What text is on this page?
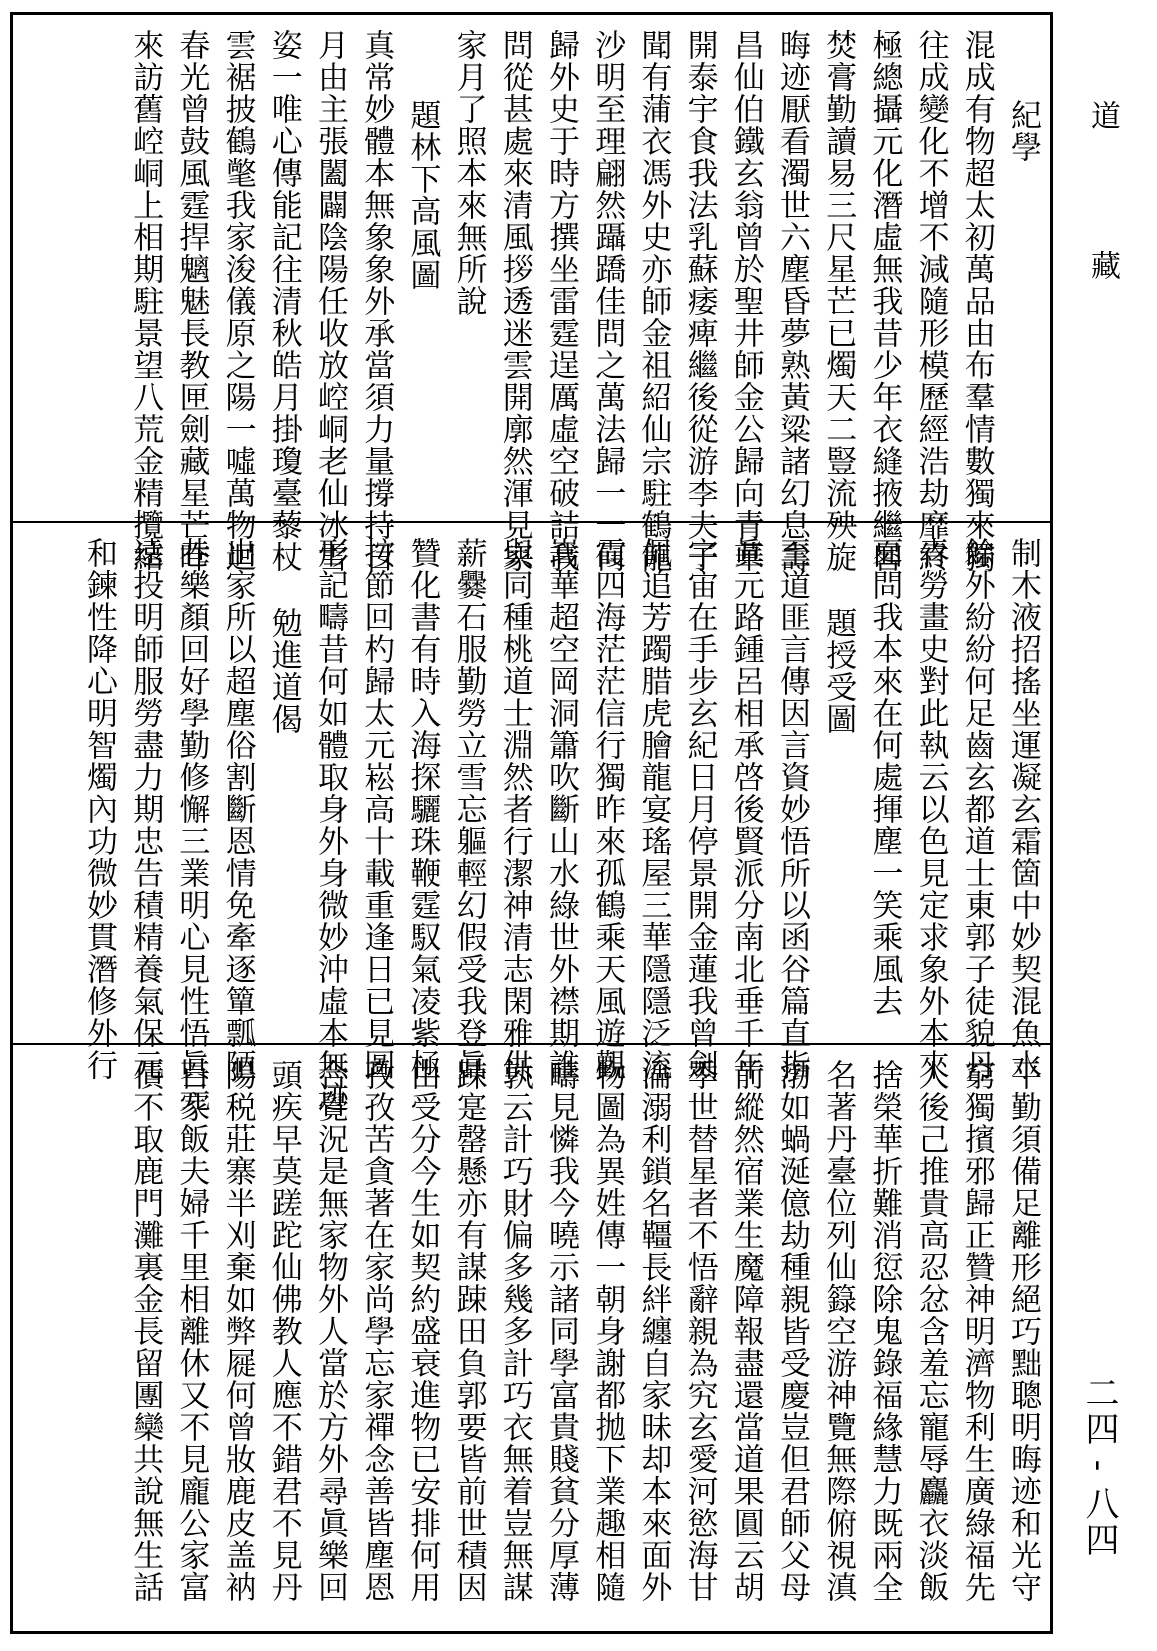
道
藏
二四 - 八四
紀學
混成有物超太初萬品由布羣情數獨來獨
往成變化不增不減隨形模歷經浩劫靡終
極總攝元化潛虛無我昔少年衣縫掖繼晷
焚膏勤讀易三尺星芒已燭天二豎流殃旋
晦迹厭看濁世六塵昏夢熟黃粱諸幻息壽
昌仙伯鐵玄翁曾於聖井師金公歸向青華
開泰宇食我法乳蘇痿痺繼後從游李夫子
聞有蒲衣馮外史亦師金祖紹仙宗駐鶴龍
沙明至理翩然躡蹻佳問之萬法歸一一何
歸外史于時方撰坐雷霆逞厲虛空破詰我
問從甚處來清風拶透迷雲開廓然渾見家
家月了照本來無所說
題林下高風圖
真常妙體本無象象外承當須力量撐持日
月由主張闔闢陰陽任收放崆峒老仙冰雪
姿一唯心傳能記往清秋皓月掛瓊臺藜杖
雲裾披鶴氅我家浚儀原之陽一噓萬物迴
春光曾鼓風霆捍魑魅長教匣劍藏星芒昨
來訪舊崆峒上相期駐景望八荒金精攬結
制木液招搖坐運凝玄霜箇中妙契混魚水
餘外紛紛何足齒玄都道士東郭子徒貌丹
青勞畫史對此執云以色見定求象外本來
面問我本來在何處揮塵一笑乘風去
題授受圖
至道匪言傳因言資妙悟所以函谷篇直指
眞元路鍾呂相承啓後賢派分南北垂千年
宇宙在手步玄紀日月停景開金蓮我曾劍
佩追芳躅腊虎膾龍宴瑤屋三華隱隱泛流
霞四海茫茫信行獨昨來孤鶴乘天風遊觀
嵩華超空岡洞簫吹斷山水綠世外襟期誰
與同種桃道士淵然者行潔神清志閑雅供
薪爨石服勤勞立雪忘軀輕幻假受我登眞
贊化書有時入海探驪珠鞭霆馭氣凌紫極
按節回杓歸太元崧高十載重逢日已見圖
形記疇昔何如體取身外身微妙沖虛本無迹
勉進道偈
出家所以超塵俗割斷恩情免牽逐簞瓢陋
巷樂顏回好學勤修懈三業明心見性悟眞元
遠投明師服勞盡力期忠告積精養氣保元
和鍊性降心明智燭內功微妙貫潛修外行
平勤須備足離形絕巧黜聰明晦迹和光守
窮獨擯邪歸正贊神明濟物利生廣綠福先
人後己推貴高忍忿含羞忘寵辱麤衣淡飯
捨榮華折難消愆除鬼錄福緣慧力既兩全
名著丹臺位列仙籙空游神覽無際俯視滇
渤如蝸涎億劫種親皆受慶豈但君師父母
前縱然宿業生魔障報盡還當道果圓云胡
季世替星者不悟辭親為究玄愛河慾海甘
淪溺利鎖名韁長絆纏自家昧却本來面外
物圖為異姓傳一朝身謝都拋下業趣相隨
疇見憐我今曉示諸同學富貴賤貧分厚薄
孰云計巧財偏多幾多計巧衣無着豈無謀
踈寔罄懸亦有謀踈田負郭要皆前世積因
由受分今生如契約盛衰進物已安排何用
孜孜苦貪著在家尚學忘家禪念善皆塵恩
合覺況是無家物外人當於方外尋眞樂回
頭疾早莫蹉跎仙佛教人應不錯君不見丹
陽税莊寨半刈棄如弊屣何曾妝鹿皮盖衲
百家飯夫婦千里相離休又不見龐公家富
債不取鹿門灘裏金長留團欒共說無生話
